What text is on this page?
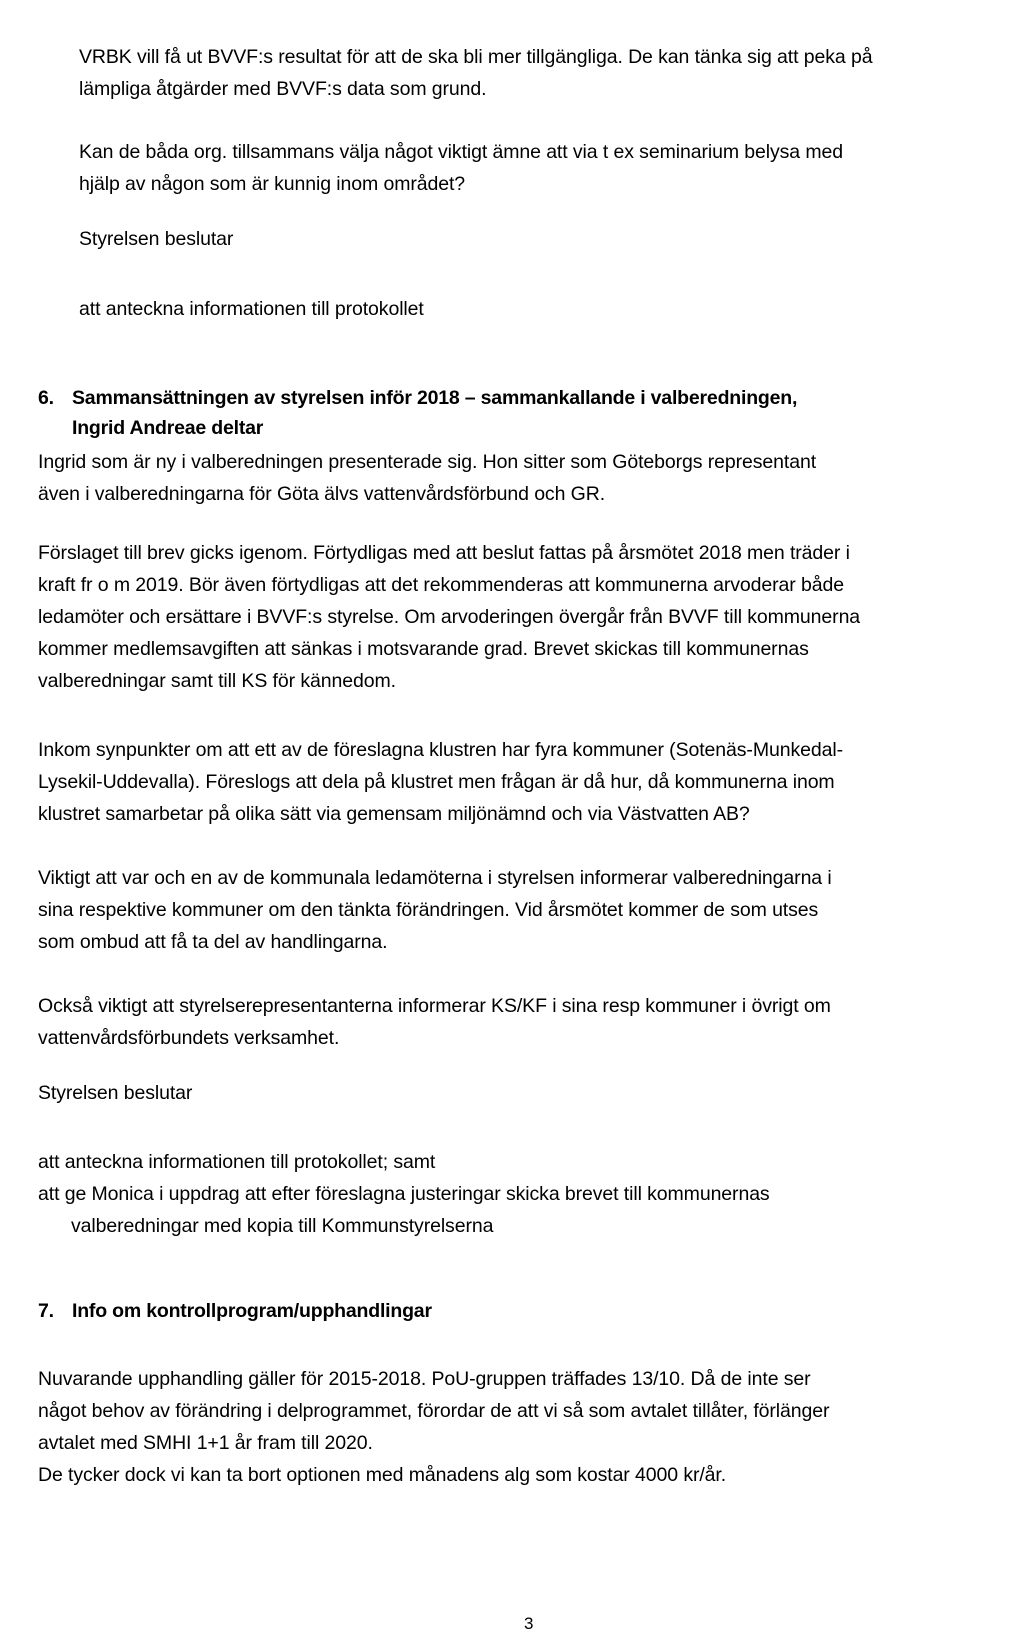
VRBK vill få ut BVVF:s resultat för att de ska bli mer tillgängliga. De kan tänka sig att peka på

lämpliga åtgärder med BVVF:s data som grund.

Kan de båda org. tillsammans välja något viktigt ämne att via t ex seminarium belysa med

hjälp av någon som är kunnig inom området?

Styrelsen beslutar
att anteckna informationen till protokollet
6. Sammansättningen av styrelsen inför 2018 – sammankallande i valberedningen,
Ingrid Andreae deltar

Ingrid som är ny i valberedningen presenterade sig. Hon sitter som Göteborgs representant

även i valberedningarna för Göta älvs vattenvårdsförbund och GR.

Förslaget till brev gicks igenom. Förtydligas med att beslut fattas på årsmötet 2018 men träder i

kraft fr o m 2019. Bör även förtydligas att det rekommenderas att kommunerna arvoderar både

ledamöter och ersättare i BVVF:s styrelse. Om arvoderingen övergår från BVVF till kommunerna

kommer medlemsavgiften att sänkas i motsvarande grad. Brevet skickas till kommunernas

valberedningar samt till KS för kännedom.

Inkom synpunkter om att ett av de föreslagna klustren har fyra kommuner (Sotenäs-Munkedal-

Lysekil-Uddevalla). Föreslogs att dela på klustret men frågan är då hur, då kommunerna inom

klustret samarbetar på olika sätt via gemensam miljönämnd och via Västvatten AB?

Viktigt att var och en av de kommunala ledamöterna i styrelsen informerar valberedningarna i

sina respektive kommuner om den tänkta förändringen. Vid årsmötet kommer de som utses

som ombud att få ta del av handlingarna.

Också viktigt att styrelserepresentanterna informerar KS/KF i sina resp kommuner i övrigt om

vattenvårdsförbundets verksamhet.

Styrelsen beslutar

att anteckna informationen till protokollet; samt

att ge Monica i uppdrag att efter föreslagna justeringar skicka brevet till kommunernas

valberedningar med kopia till Kommunstyrelserna

7. Info om kontrollprogram/upphandlingar

Nuvarande upphandling gäller för 2015-2018. PoU-gruppen träffades 13/10. Då de inte ser

något behov av förändring i delprogrammet, förordar de att vi så som avtalet tillåter, förlänger

avtalet med SMHI 1+1 år fram till 2020.

De tycker dock vi kan ta bort optionen med månadens alg som kostar 4000 kr/år.

3
